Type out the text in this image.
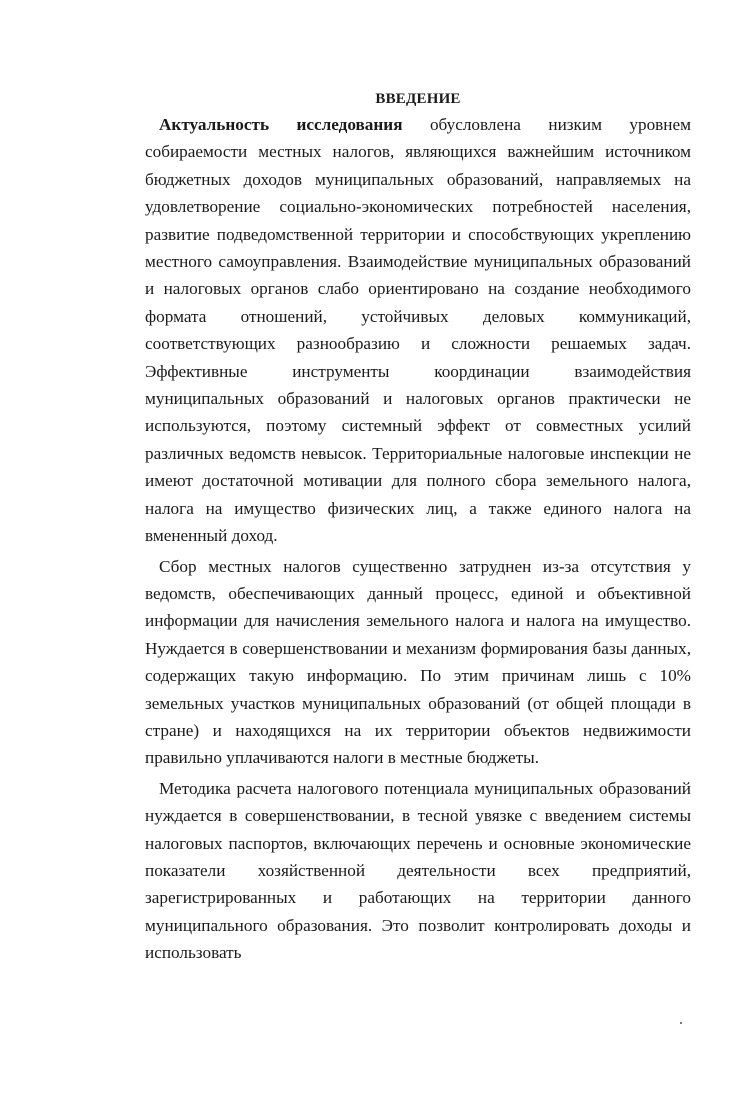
ВВЕДЕНИЕ

Актуальность исследования обусловлена низким уровнем собираемости местных налогов, являющихся важнейшим источником бюджетных доходов муниципальных образований, направляемых на удовлетворение социально-экономических потребностей населения, развитие подведомственной территории и способствующих укреплению местного самоуправления. Взаимодействие муниципальных образований и налоговых органов слабо ориентировано на создание необходимого формата отношений, устойчивых деловых коммуникаций, соответствующих разнообразию и сложности решаемых задач. Эффективные инструменты координации взаимодействия муниципальных образований и налоговых органов практически не используются, поэтому системный эффект от совместных усилий различных ведомств невысок. Территориальные налоговые инспекции не имеют достаточной мотивации для полного сбора земельного налога, налога на имущество физических лиц, а также единого налога на вмененный доход.

Сбор местных налогов существенно затруднен из-за отсутствия у ведомств, обеспечивающих данный процесс, единой и объективной информации для начисления земельного налога и налога на имущество. Нуждается в совершенствовании и механизм формирования базы данных, содержащих такую информацию. По этим причинам лишь с 10% земельных участков муниципальных образований (от общей площади в стране) и находящихся на их территории объектов недвижимости правильно уплачиваются налоги в местные бюджеты.

Методика расчета налогового потенциала муниципальных образований нуждается в совершенствовании, в тесной увязке с введением системы налоговых паспортов, включающих перечень и основные экономические показатели хозяйственной деятельности всех предприятий, зарегистрированных и работающих на территории данного муниципального образования. Это позволит контролировать доходы и использовать
